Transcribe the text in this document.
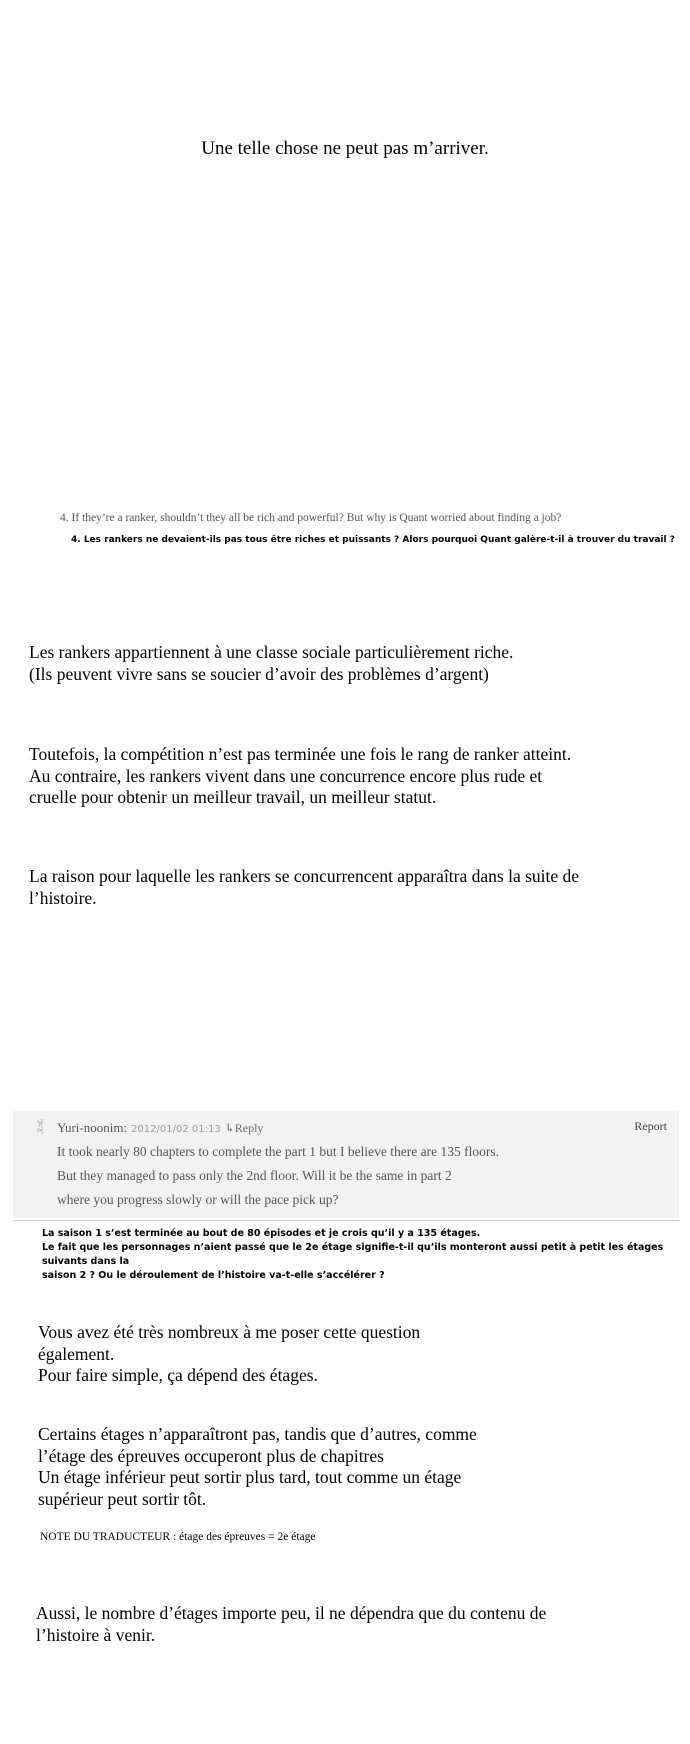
Une telle chose ne peut pas m’arriver.
4. If they’re a ranker, shouldn’t they all be rich and powerful? But why is Quant worried about finding a job?
4. Les rankers ne devaient-ils pas tous être riches et puissants ? Alors pourquoi Quant galère-t-il à trouver du travail ?
Les rankers appartiennent à une classe sociale particulièrement riche.
(Ils peuvent vivre sans se soucier d’avoir des problèmes d’argent)
Toutefois, la compétition n’est pas terminée une fois le rang de ranker atteint.
Au contraire, les rankers vivent dans une concurrence encore plus rude et
cruelle pour obtenir un meilleur travail, un meilleur statut.
La raison pour laquelle les rankers se concurrencent apparaîtra dans la suite de
l’histoire.
님
여	Yuri-noonim: 2012/01/02 01:13 ↳Reply	Report
It took nearly 80 chapters to complete the part 1 but I believe there are 135 floors.
But they managed to pass only the 2nd floor. Will it be the same in part 2
where you progress slowly or will the pace pick up?
La saison 1 s’est terminée au bout de 80 épisodes et je crois qu’il y a 135 étages.
Le fait que les personnages n’aient passé que le 2e étage signifie-t-il qu’ils monteront aussi petit à petit les étages suivants dans la
saison 2 ? Ou le déroulement de l’histoire va-t-elle s’accélérer ?
Vous avez été très nombreux à me poser cette question
également.
Pour faire simple, ça dépend des étages.
Certains étages n’apparaîtront pas, tandis que d’autres, comme
l’étage des épreuves occuperont plus de chapitres
Un étage inférieur peut sortir plus tard, tout comme un étage
supérieur peut sortir tôt.
NOTE DU TRADUCTEUR : étage des épreuves = 2e étage
Aussi, le nombre d’étages importe peu, il ne dépendra que du contenu de
l’histoire à venir.
